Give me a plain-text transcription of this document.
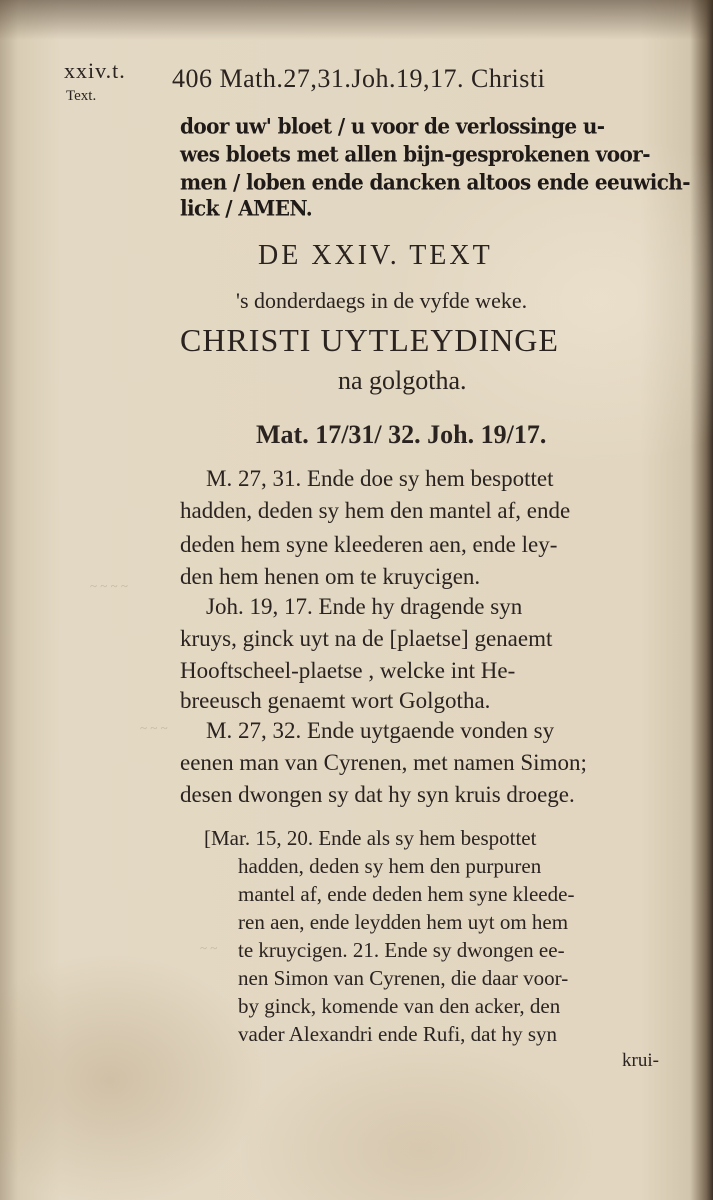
~ ~ ~ ~
~ ~ ~
~ ~
xxiv.t.
Text.
406 Math.27,31.Joh.19,17. Christi
door uw' bloet / u voor de verlossinge u-
wes bloets met allen bijn-gesprokenen voor-
men / loben ende dancken altoos ende eeuwich-
lick / AMEN.
DE XXIV. TEXT
's donderdaegs in de vyfde weke.
CHRISTI UYTLEYDINGE
na golgotha.
Mat. 17/31/ 32. Joh. 19/17.
M. 27, 31. Ende doe sy hem bespottet
hadden, deden sy hem den mantel af, ende
deden hem syne kleederen aen, ende ley-
den hem henen om te kruycigen.
Joh. 19, 17. Ende hy dragende syn
kruys, ginck uyt na de [plaetse] genaemt
Hooftscheel-plaetse , welcke int He-
breeusch genaemt wort Golgotha.
M. 27, 32. Ende uytgaende vonden sy
eenen man van Cyrenen, met namen Simon;
desen dwongen sy dat hy syn kruis droege.
[Mar. 15, 20. Ende als sy hem bespottet
hadden, deden sy hem den purpuren
mantel af, ende deden hem syne kleede-
ren aen, ende leydden hem uyt om hem
te kruycigen. 21. Ende sy dwongen ee-
nen Simon van Cyrenen, die daar voor-
by ginck, komende van den acker, den
vader Alexandri ende Rufi, dat hy syn
krui-
